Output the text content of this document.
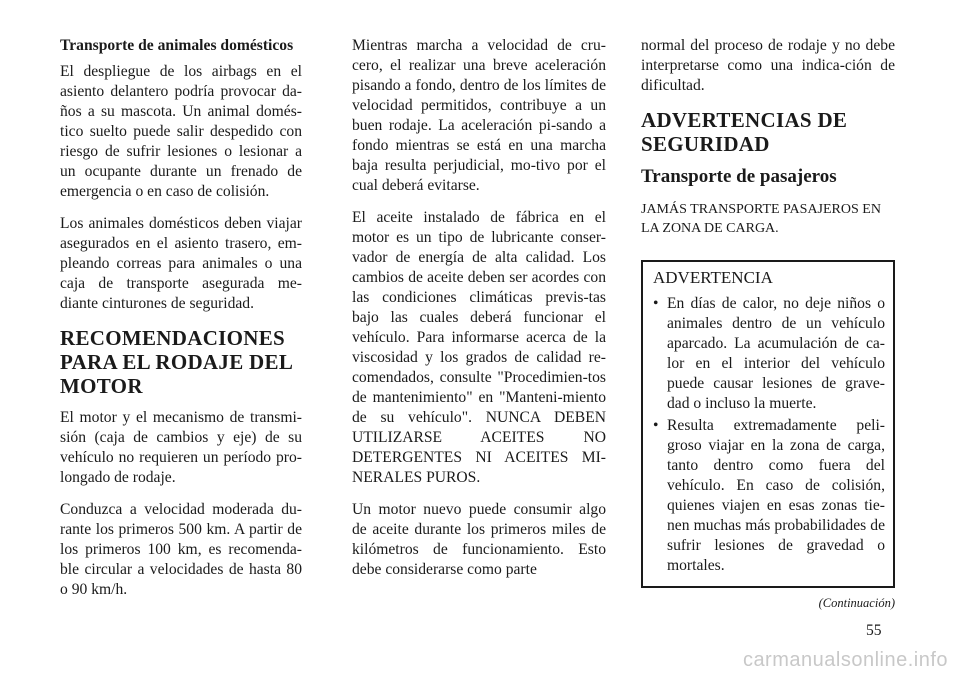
Transporte de animales domésticos

El despliegue de los airbags en el asiento delantero podría provocar da-ños a su mascota. Un animal domés-tico suelto puede salir despedido con riesgo de sufrir lesiones o lesionar a un ocupante durante un frenado de emergencia o en caso de colisión.

Los animales domésticos deben viajar asegurados en el asiento trasero, em-pleando correas para animales o una caja de transporte asegurada me-diante cinturones de seguridad.

RECOMENDACIONES PARA EL RODAJE DEL MOTOR

El motor y el mecanismo de transmi-sión (caja de cambios y eje) de su vehículo no requieren un período pro-longado de rodaje.

Conduzca a velocidad moderada du-rante los primeros 500 km. A partir de los primeros 100 km, es recomenda-ble circular a velocidades de hasta 80 o 90 km/h.

Mientras marcha a velocidad de cru-cero, el realizar una breve aceleración pisando a fondo, dentro de los límites de velocidad permitidos, contribuye a un buen rodaje. La aceleración pi-sando a fondo mientras se está en una marcha baja resulta perjudicial, mo-tivo por el cual deberá evitarse.

El aceite instalado de fábrica en el motor es un tipo de lubricante conser-vador de energía de alta calidad. Los cambios de aceite deben ser acordes con las condiciones climáticas previs-tas bajo las cuales deberá funcionar el vehículo. Para informarse acerca de la viscosidad y los grados de calidad re-comendados, consulte "Procedimien-tos de mantenimiento" en "Manteni-miento de su vehículo". NUNCA DEBEN UTILIZARSE ACEITES NO DETERGENTES NI ACEITES MI-NERALES PUROS.

Un motor nuevo puede consumir algo de aceite durante los primeros miles de kilómetros de funcionamiento. Esto debe considerarse como parte

normal del proceso de rodaje y no debe interpretarse como una indica-ción de dificultad.

ADVERTENCIAS DE SEGURIDAD
Transporte de pasajeros

JAMÁS TRANSPORTE PASAJEROS EN LA ZONA DE CARGA.

ADVERTENCIA
• En días de calor, no deje niños o animales dentro de un vehículo aparcado. La acumulación de ca-lor en el interior del vehículo puede causar lesiones de grave-dad o incluso la muerte.
• Resulta extremadamente peli-groso viajar en la zona de carga, tanto dentro como fuera del vehículo. En caso de colisión, quienes viajen en esas zonas tie-nen muchas más probabilidades de sufrir lesiones de gravedad o mortales.
(Continuación)
55
carmanualsonline.info
